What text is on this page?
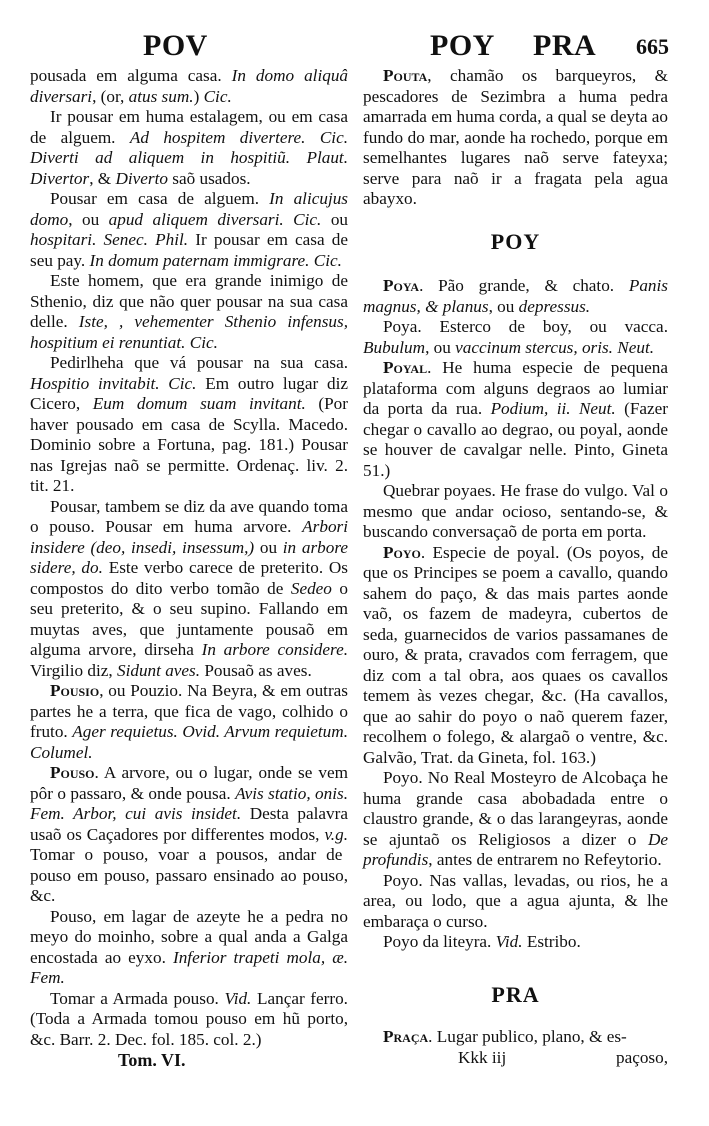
POV	POY PRA 665

pousada em alguma casa. In domo aliquâ diversari, (or, atus sum.) Cic.

Ir pousar em huma estalagem, ou em casa de alguem. Ad hospitem divertere. Cic. Diverti ad aliquem in hospitiũ. Plaut. Divertor, & Diverto saõ usados.

Pousar em casa de alguem. In alicujus domo, ou apud aliquem diversari. Cic. ou hospitari. Senec. Phil. Ir pousar em casa de seu pay. In domum paternam immigrare. Cic.

Este homem, que era grande inimigo de Sthenio, diz que não quer pousar na sua casa delle. Iste, , vehementer Sthenio infensus, hospitium ei renuntiat. Cic.

Pedirlheha que vá pousar na sua casa. Hospitio invitabit. Cic. Em outro lugar diz Cicero, Eum domum suam invitant. (Por haver pousado em casa de Scylla. Macedo. Dominio sobre a Fortuna, pag. 181.) Pousar nas Igrejas naõ se permitte. Ordenaç. liv. 2. tit. 21.

Pousar, tambem se diz da ave quando toma o pouso. Pousar em huma arvore. Arbori insidere (deo, insedi, insessum,) ou in arbore sidere, do. Este verbo carece de preterito. Os compostos do dito verbo tomão de Sedeo o seu preterito, & o seu supino. Fallando em muytas aves, que juntamente pousaõ em alguma arvore, dirseha In arbore considere. Virgilio diz, Sidunt aves. Pousaõ as aves.

Pousio, ou Pouzio. Na Beyra, & em outras partes he a terra, que fica de vago, colhido o fruto. Ager requietus. Ovid. Arvum requietum. Columel.

Pouso. A arvore, ou o lugar, onde se vem pôr o passaro, & onde pousa. Avis statio, onis. Fem. Arbor, cui avis insidet. Desta palavra usaõ os Caçadores por differentes modos, v.g. Tomar o pouso, voar a pousos, andar de pouso em pouso, passaro ensinado ao pouso, &c.

Pouso, em lagar de azeyte he a pedra no meyo do moinho, sobre a qual anda a Galga encostada ao eyxo. Inferior trapeti mola, æ. Fem.

Tomar a Armada pouso. Vid. Lançar ferro. (Toda a Armada tomou pouso em hũ porto, &c. Barr. 2. Dec. fol. 185. col. 2.)

Tom. VI.

Pouta, chamão os barqueyros, & pescadores de Sezimbra a huma pedra amarrada em huma corda, a qual se deyta ao fundo do mar, aonde ha rochedo, porque em semelhantes lugares naõ serve fateyxa; serve para naõ ir a fragata pela agua abayxo.

POY

Poya. Pão grande, & chato. Panis magnus, & planus, ou depressus.

Poya. Esterco de boy, ou vacca. Bubulum, ou vaccinum stercus, oris. Neut.

Poyal. He huma especie de pequena plataforma com alguns degraos ao lumiar da porta da rua. Podium, ii. Neut. (Fazer chegar o cavallo ao degrao, ou poyal, aonde se houver de cavalgar nelle. Pinto, Gineta 51.)

Quebrar poyaes. He frase do vulgo. Val o mesmo que andar ocioso, sentando-se, & buscando conversaçaõ de porta em porta.

Poyo. Especie de poyal. (Os poyos, de que os Principes se poem a cavallo, quando sahem do paço, & das mais partes aonde vaõ, os fazem de madeyra, cubertos de seda, guarnecidos de varios passamanes de ouro, & prata, cravados com ferragem, que diz com a tal obra, aos quaes os cavallos temem às vezes chegar, &c. (Ha cavallos, que ao sahir do poyo o naõ querem fazer, recolhem o folego, & alargaõ o ventre, &c. Galvão, Trat. da Gineta, fol. 163.)

Poyo. No Real Mosteyro de Alcobaça he huma grande casa abobadada entre o claustro grande, & o das larangeyras, aonde se ajuntaõ os Religiosos a dizer o De profundis, antes de entrarem no Refeytorio.

Poyo. Nas vallas, levadas, ou rios, he a area, ou lodo, que a agua ajunta, & lhe embaraça o curso.

Poyo da liteyra. Vid. Estribo.

PRA

Praça. Lugar publico, plano, & es-

Kkk iij	paçoso,
